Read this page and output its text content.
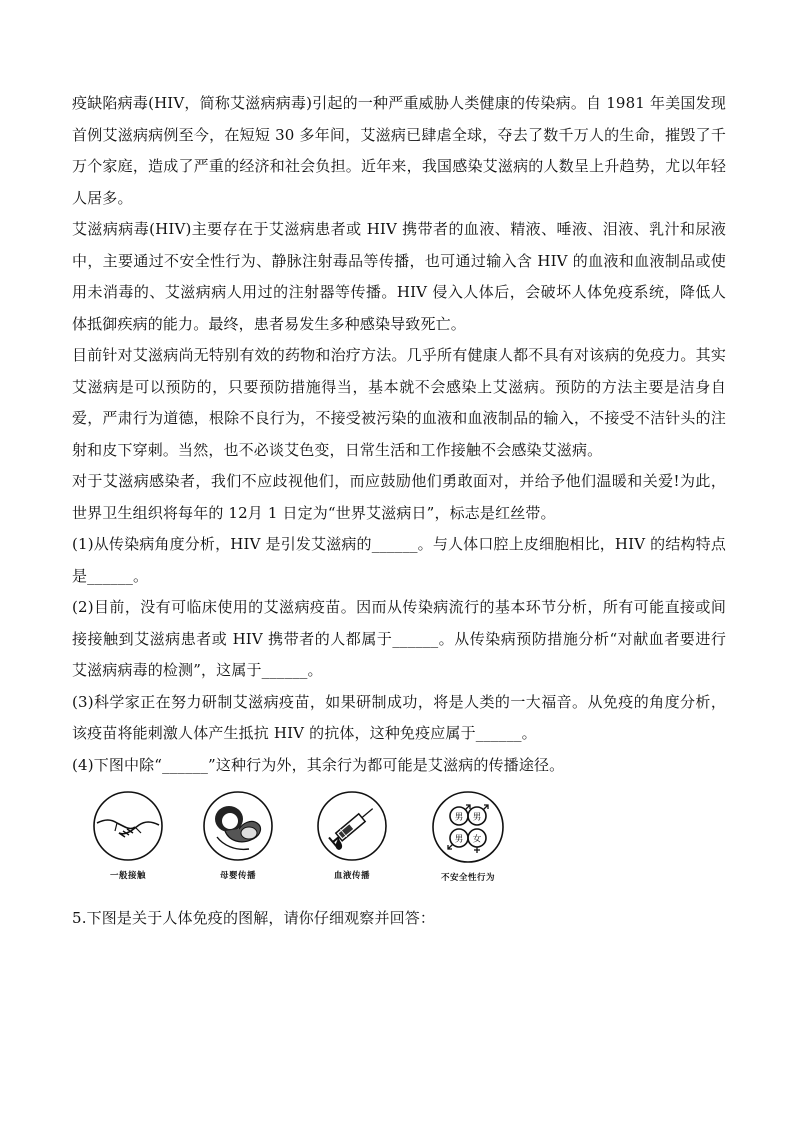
疫缺陷病毒(HIV，简称艾滋病病毒)引起的一种严重威胁人类健康的传染病。自 1981 年美国发现首例艾滋病病例至今，在短短 30 多年间，艾滋病已肆虐全球，夺去了数千万人的生命，摧毁了千万个家庭，造成了严重的经济和社会负担。近年来，我国感染艾滋病的人数呈上升趋势，尤以年轻人居多。

艾滋病病毒(HIV)主要存在于艾滋病患者或 HIV 携带者的血液、精液、唾液、泪液、乳汁和尿液中，主要通过不安全性行为、静脉注射毒品等传播，也可通过输入含 HIV 的血液和血液制品或使用未消毒的、艾滋病病人用过的注射器等传播。HIV 侵入人体后，会破坏人体免疫系统，降低人体抵御疾病的能力。最终，患者易发生多种感染导致死亡。

目前针对艾滋病尚无特别有效的药物和治疗方法。几乎所有健康人都不具有对该病的免疫力。其实艾滋病是可以预防的，只要预防措施得当，基本就不会感染上艾滋病。预防的方法主要是洁身自爱，严肃行为道德，根除不良行为，不接受被污染的血液和血液制品的输入，不接受不洁针头的注射和皮下穿刺。当然，也不必谈艾色变，日常生活和工作接触不会感染艾滋病。

对于艾滋病感染者，我们不应歧视他们，而应鼓励他们勇敢面对，并给予他们温暖和关爱!为此，世界卫生组织将每年的 12月 1 日定为“世界艾滋病日”，标志是红丝带。

(1)从传染病角度分析，HIV 是引发艾滋病的______。与人体口腔上皮细胞相比，HIV 的结构特点是______。

(2)目前，没有可临床使用的艾滋病疫苗。因而从传染病流行的基本环节分析，所有可能直接或间接接触到艾滋病患者或 HIV 携带者的人都属于______。从传染病预防措施分析“对献血者要进行艾滋病病毒的检测”，这属于______。

(3)科学家正在努力研制艾滋病疫苗，如果研制成功，将是人类的一大福音。从免疫的角度分析，该疫苗将能刺激人体产生抵抗 HIV 的抗体，这种免疫应属于______。

(4)下图中除“______”这种行为外，其余行为都可能是艾滋病的传播途径。

一般接触	母婴传播	血液传播
男 男
女
男
不安全性行为

5.下图是关于人体免疫的图解，请你仔细观察并回答：
